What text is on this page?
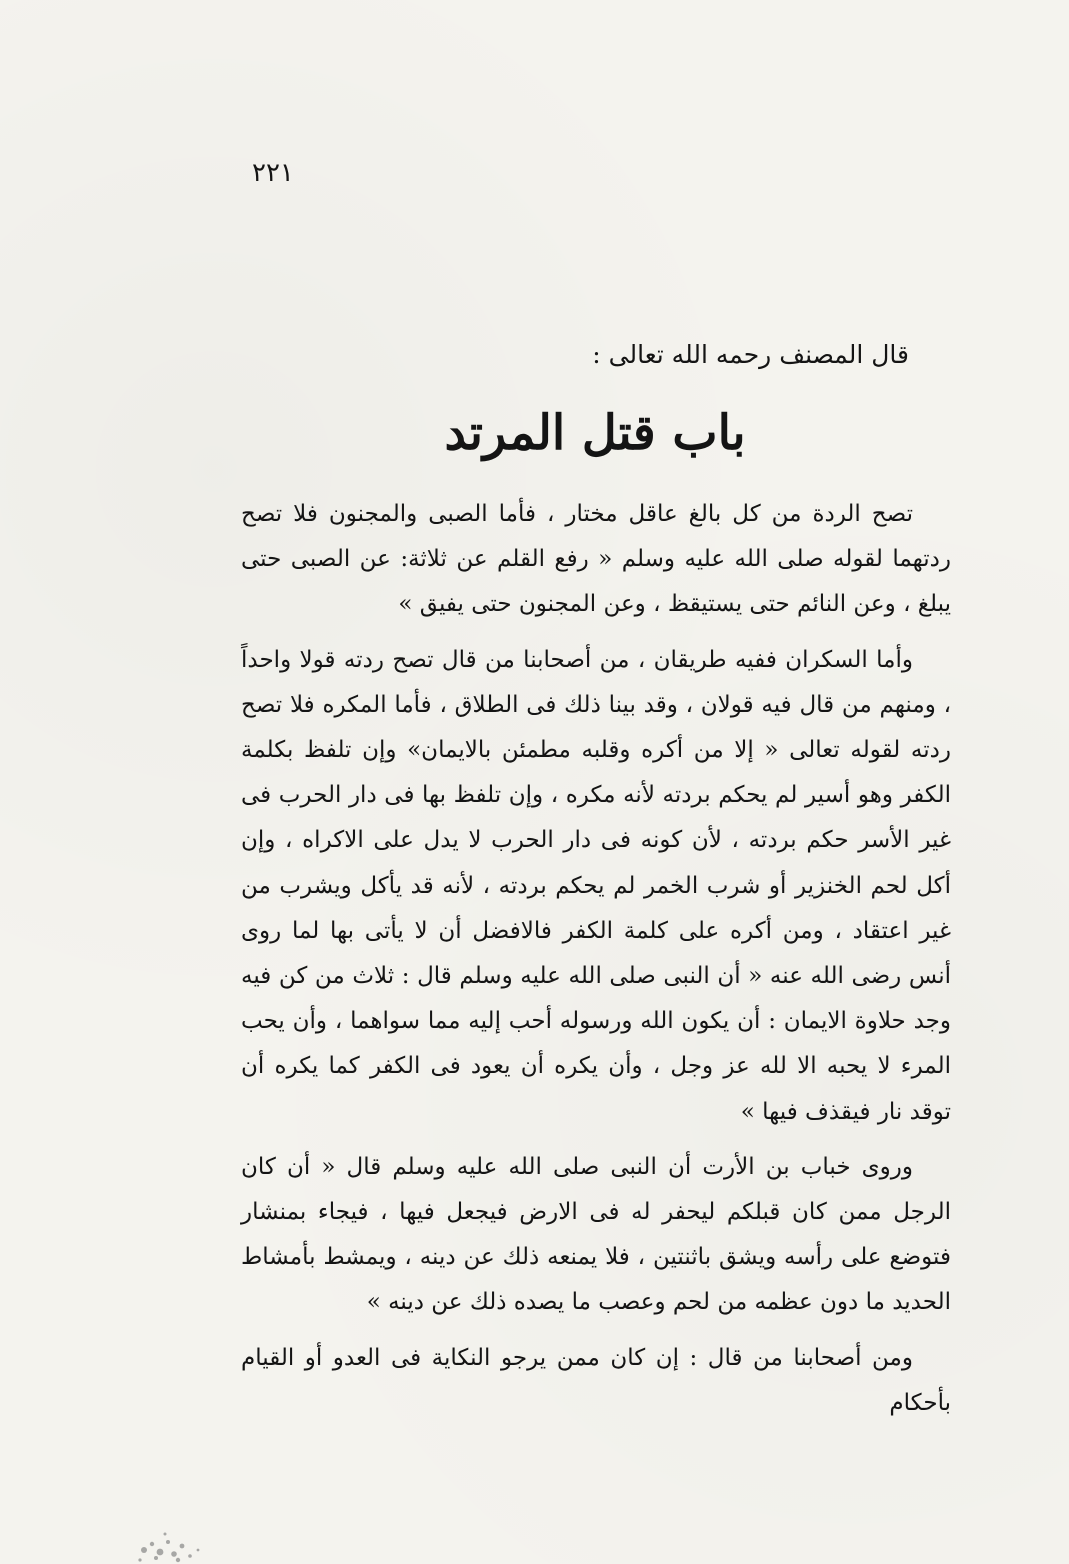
٢٢١
قال المصنف رحمه الله تعالى :
باب قتل المرتد

تصح الردة من كل بالغ عاقل مختار ، فأما الصبى والمجنون فلا تصح ردتهما لقوله صلى الله عليه وسلم « رفع القلم عن ثلاثة: عن الصبى حتى يبلغ ، وعن النائم حتى يستيقظ ، وعن المجنون حتى يفيق »

وأما السكران ففيه طريقان ، من أصحابنا من قال تصح ردته قولا واحداً ، ومنهم من قال فيه قولان ، وقد بينا ذلك فى الطلاق ، فأما المكره فلا تصح ردته لقوله تعالى « إلا من أكره وقلبه مطمئن بالايمان» وإن تلفظ بكلمة الكفر وهو أسير لم يحكم بردته لأنه مكره ، وإن تلفظ بها فى دار الحرب فى غير الأسر حكم بردته ، لأن كونه فى دار الحرب لا يدل على الاكراه ، وإن أكل لحم الخنزير أو شرب الخمر لم يحكم بردته ، لأنه قد يأكل ويشرب من غير اعتقاد ، ومن أكره على كلمة الكفر فالافضل أن لا يأتى بها لما روى أنس رضى الله عنه « أن النبى صلى الله عليه وسلم قال : ثلاث من كن فيه وجد حلاوة الايمان : أن يكون الله ورسوله أحب إليه مما سواهما ، وأن يحب المرء لا يحبه الا لله عز وجل ، وأن يكره أن يعود فى الكفر كما يكره أن توقد نار فيقذف فيها »

وروى خباب بن الأرت أن النبى صلى الله عليه وسلم قال « أن كان الرجل ممن كان قبلكم ليحفر له فى الارض فيجعل فيها ، فيجاء بمنشار فتوضع على رأسه ويشق باثنتين ، فلا يمنعه ذلك عن دينه ، ويمشط بأمشاط الحديد ما دون عظمه من لحم وعصب ما يصده ذلك عن دينه »

ومن أصحابنا من قال : إن كان ممن يرجو النكاية فى العدو أو القيام بأحكام
